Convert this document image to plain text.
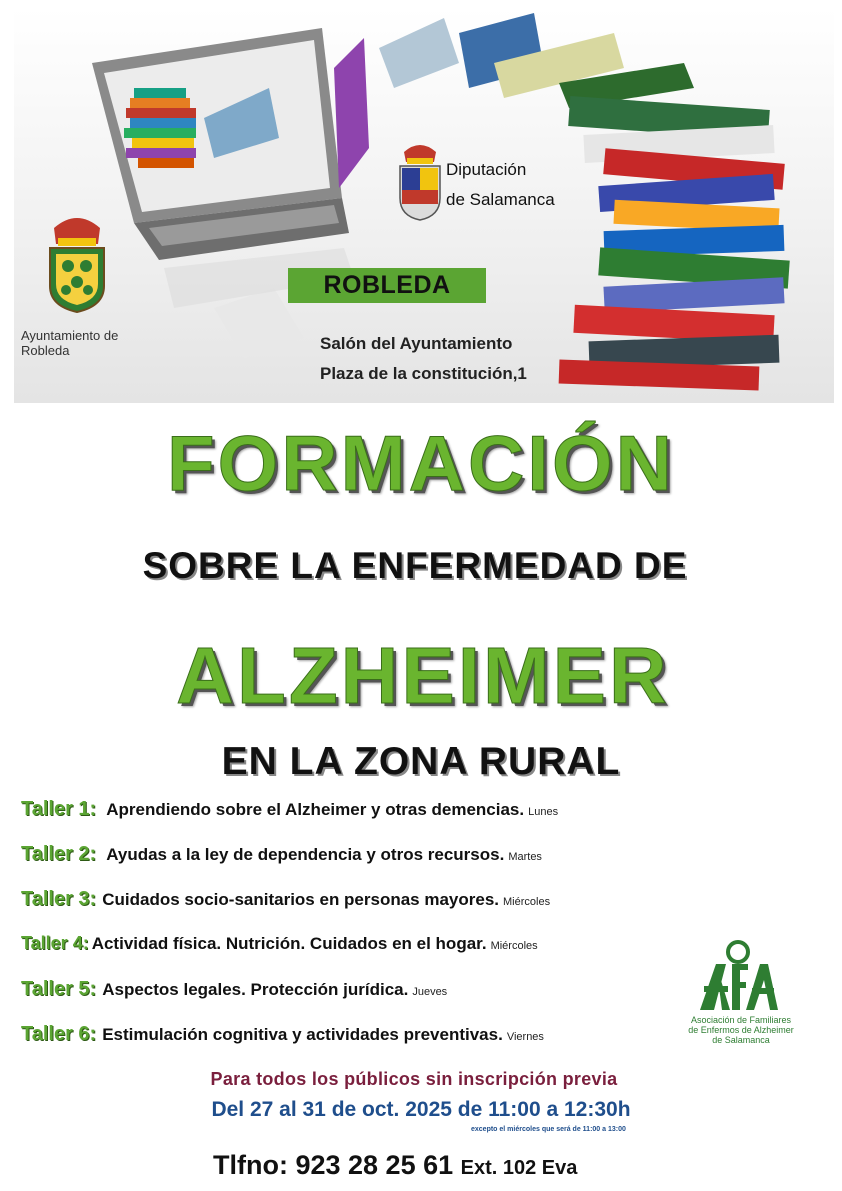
ROBLEDA
Salón del Ayuntamiento
Plaza de la constitución,1
Ayuntamiento de
Robleda
Diputación
de Salamanca
FORMACIÓN
SOBRE LA ENFERMEDAD DE
ALZHEIMER
EN LA ZONA RURAL
Taller 1: Aprendiendo sobre el Alzheimer y otras demencias. Lunes
Taller 2: Ayudas a la ley de dependencia y otros recursos. Martes
Taller 3: Cuidados socio-sanitarios en personas mayores. Miércoles
Taller 4: Actividad física. Nutrición. Cuidados en el hogar. Miércoles
Taller 5: Aspectos legales. Protección jurídica. Jueves
Taller 6: Estimulación cognitiva y actividades preventivas. Viernes
Asociación de Familiares
de Enfermos de Alzheimer
de Salamanca
Para todos los públicos sin inscripción previa
Del 27 al 31 de oct. 2025 de 11:00 a 12:30h
excepto el miércoles que será de 11:00 a 13:00
Tlfno: 923 28 25 61 Ext. 102 Eva
